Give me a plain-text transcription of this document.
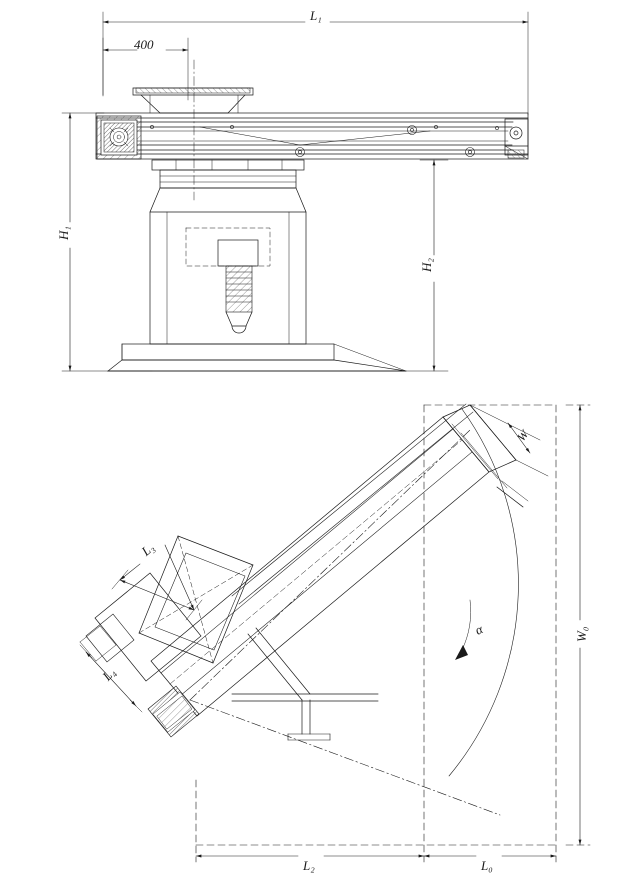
L₁
400
H₁
H₂
L₃
L₄
W
W₀
α
L₂	L₀
